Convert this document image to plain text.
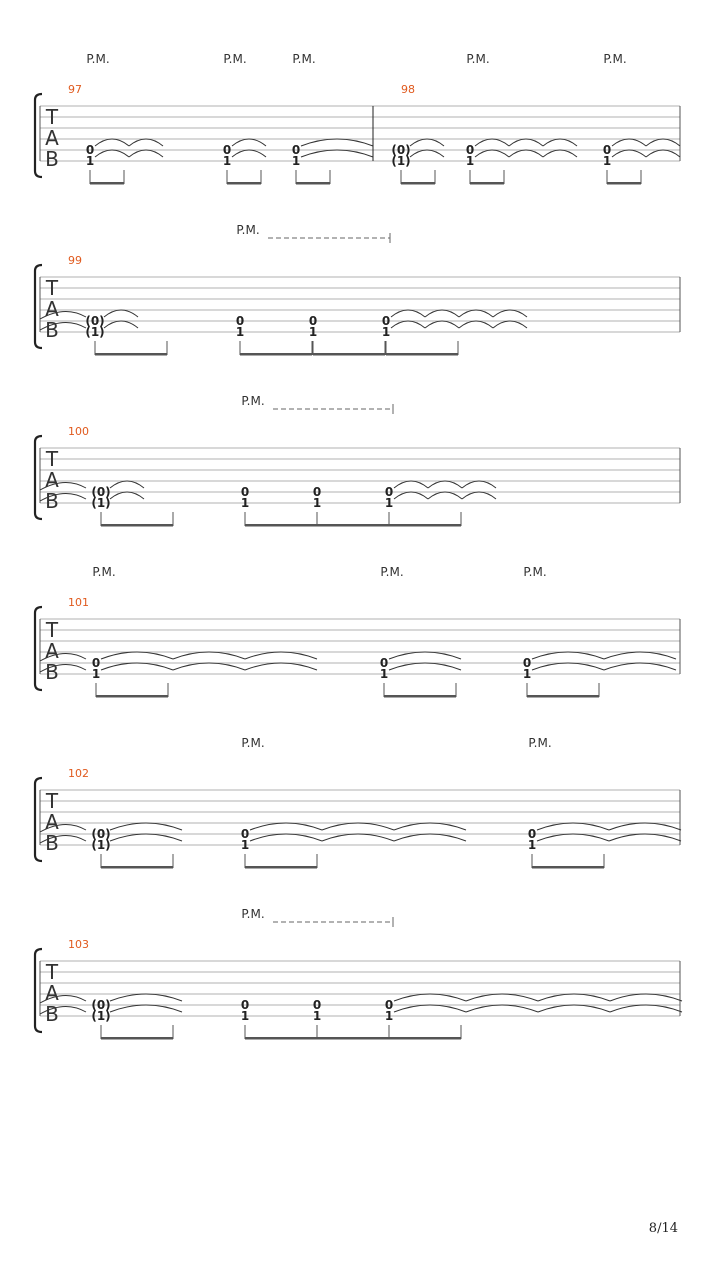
T
A
B
97
0
1
0
1
0
1
P.M.	P.M.	P.M.
98
(0)
(1)
0
1
0
1
P.M.	P.M.
T
A
B
99
(0)
(1)
0
1
0
1
0
1
P.M.
T
A
B
100
(0)
(1)
0
1
0
1
0
1
P.M.
T
A
B
101
0
1
0
1
0
1
P.M.	P.M.	P.M.
T
A
B
102
(0)
(1)
0
1
0
1
P.M.	P.M.
T
A
B
103
(0)
(1)
0
1
0
1
0
1
P.M.
8/14
